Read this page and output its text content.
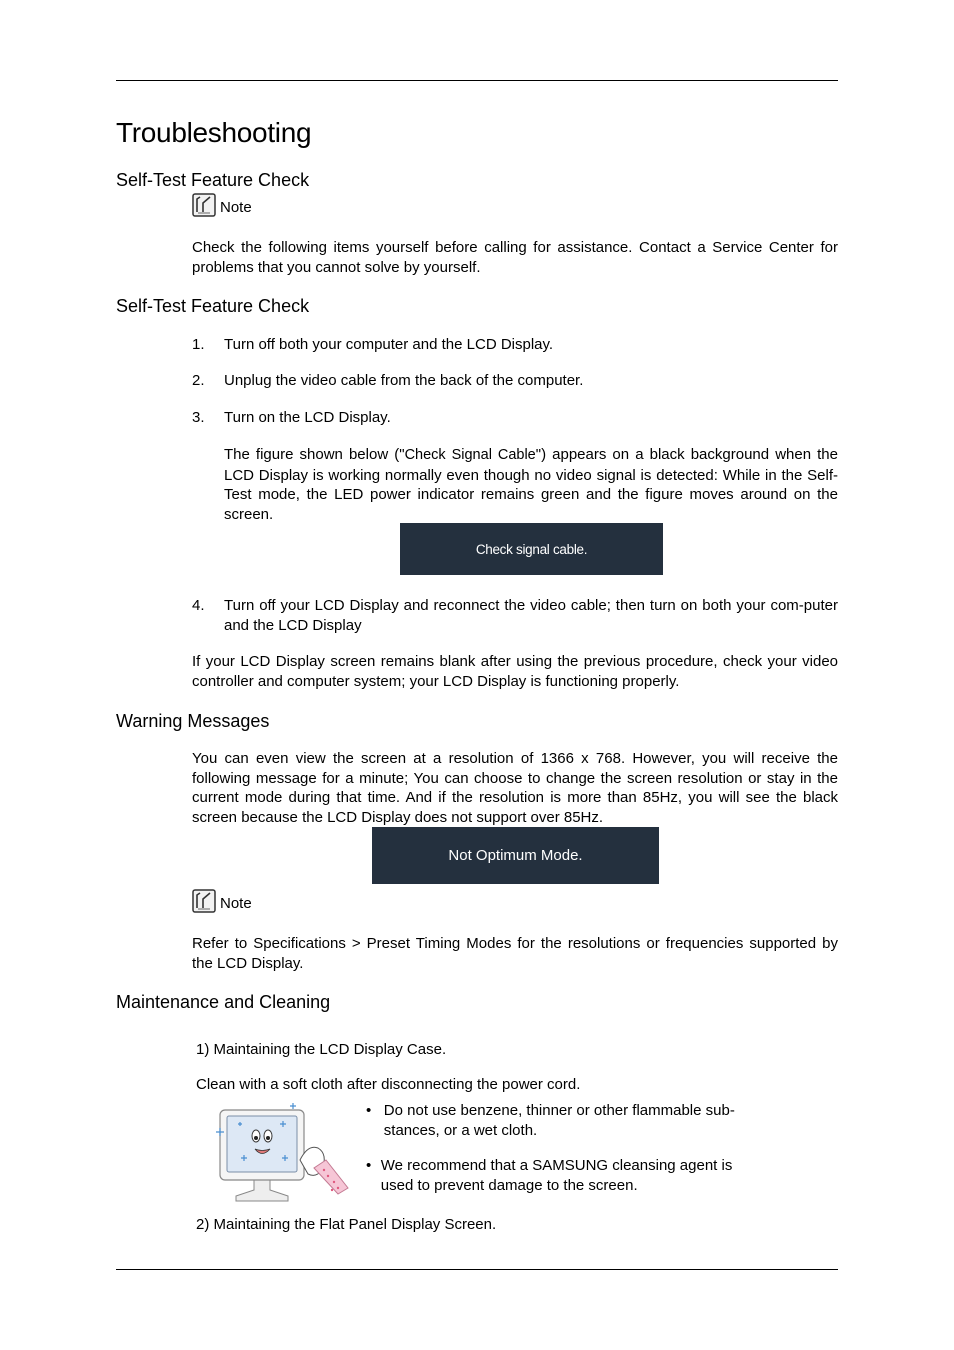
Troubleshooting
Self-Test Feature Check
Note
Check the following items yourself before calling for assistance. Contact a Service Center for problems that you cannot solve by yourself.
Self-Test Feature Check
1.	Turn off both your computer and the LCD Display.
2.	Unplug the video cable from the back of the computer.
3.	Turn on the LCD Display.
The figure shown below ("Check Signal Cable") appears on a black background when the LCD Display is working normally even though no video signal is detected: While in the Self-Test mode, the LED power indicator remains green and the figure moves around on the screen.
Check signal cable.
4.	Turn off your LCD Display and reconnect the video cable; then turn on both your com-puter and the LCD Display
If your LCD Display screen remains blank after using the previous procedure, check your video controller and computer system; your LCD Display is functioning properly.
Warning Messages
You can even view the screen at a resolution of 1366 x 768. However, you will receive the following message for a minute; You can choose to change the screen resolution or stay in the current mode during that time. And if the resolution is more than 85Hz, you will see the black screen because the LCD Display does not support over 85Hz.
Not Optimum Mode.
Note
Refer to Specifications > Preset Timing Modes for the resolutions or frequencies supported by the LCD Display.
Maintenance and Cleaning
1) Maintaining the LCD Display Case.
Clean with a soft cloth after disconnecting the power cord.
• Do not use benzene, thinner or other flammable sub-stances, or a wet cloth.
• We recommend that a SAMSUNG cleansing agent is used to prevent damage to the screen.
2) Maintaining the Flat Panel Display Screen.
